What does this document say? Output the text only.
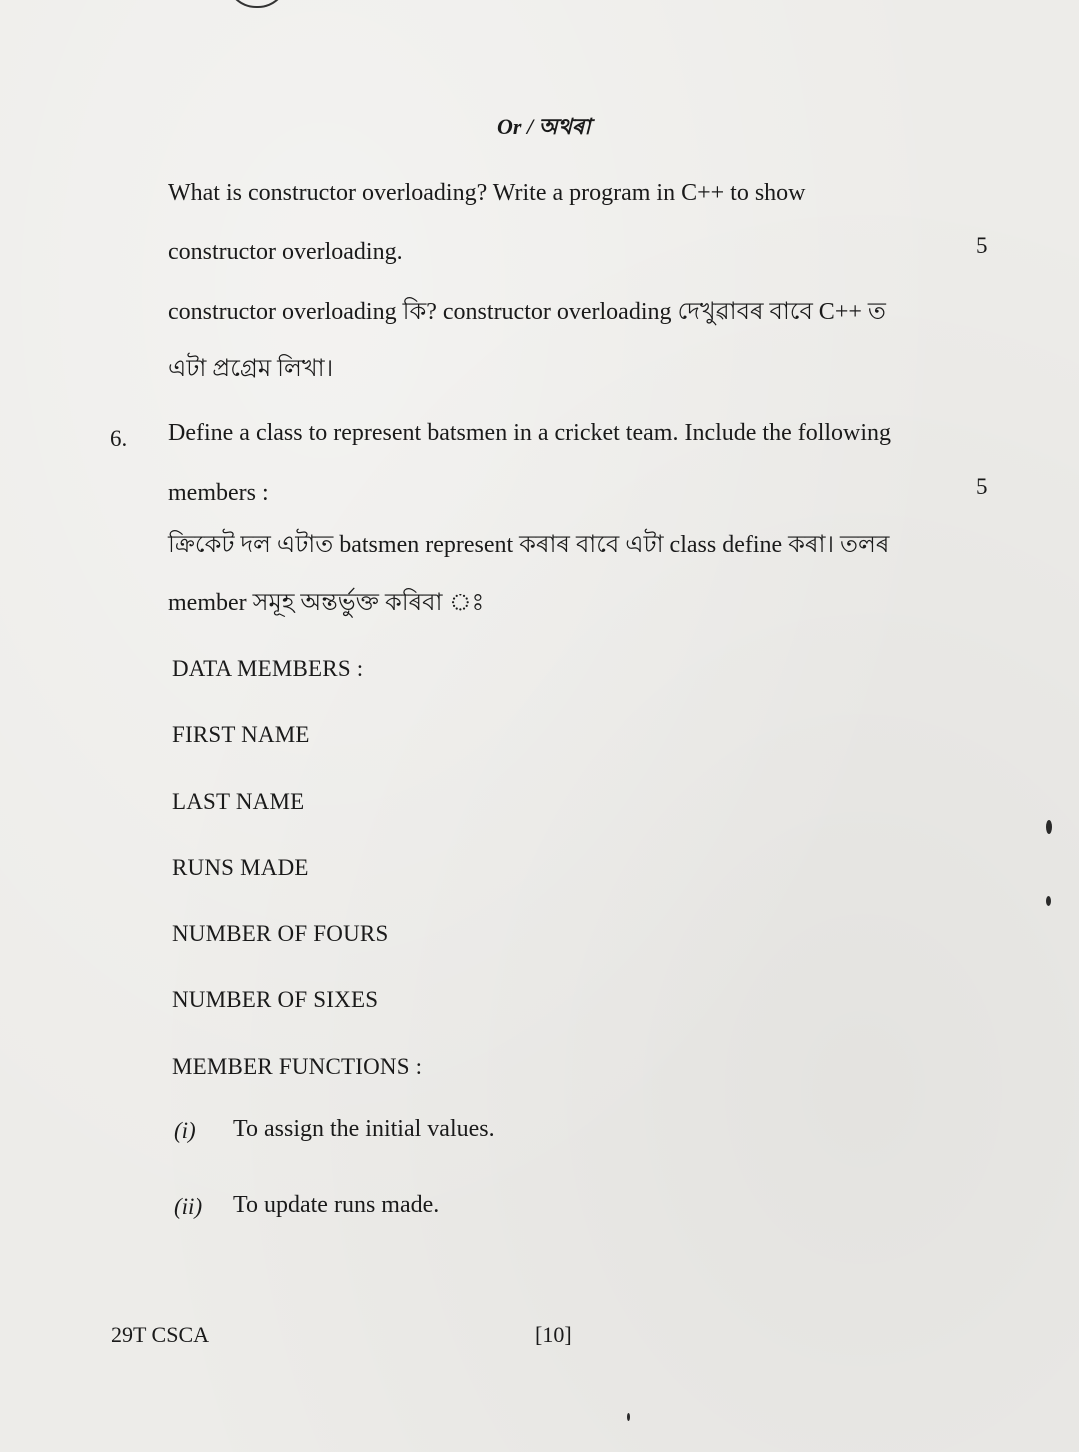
Or / অথৰা
What is constructor overloading? Write a program in C++ to show
constructor overloading.	5
constructor overloading কি? constructor overloading দেখুৱাবৰ বাবে C++ ত
এটা প্ৰগ্ৰেম লিখা।
6. Define a class to represent batsmen in a cricket team. Include the following
members :	5
ক্ৰিকেট দল এটাত batsmen represent কৰাৰ বাবে এটা class define কৰা। তলৰ
member সমূহ অন্তৰ্ভুক্ত কৰিবা ঃ
DATA MEMBERS :
FIRST NAME
LAST NAME
RUNS MADE
NUMBER OF FOURS
NUMBER OF SIXES
MEMBER FUNCTIONS :
(i) To assign the initial values.
(ii) To update runs made.
29T CSCA	[10]
